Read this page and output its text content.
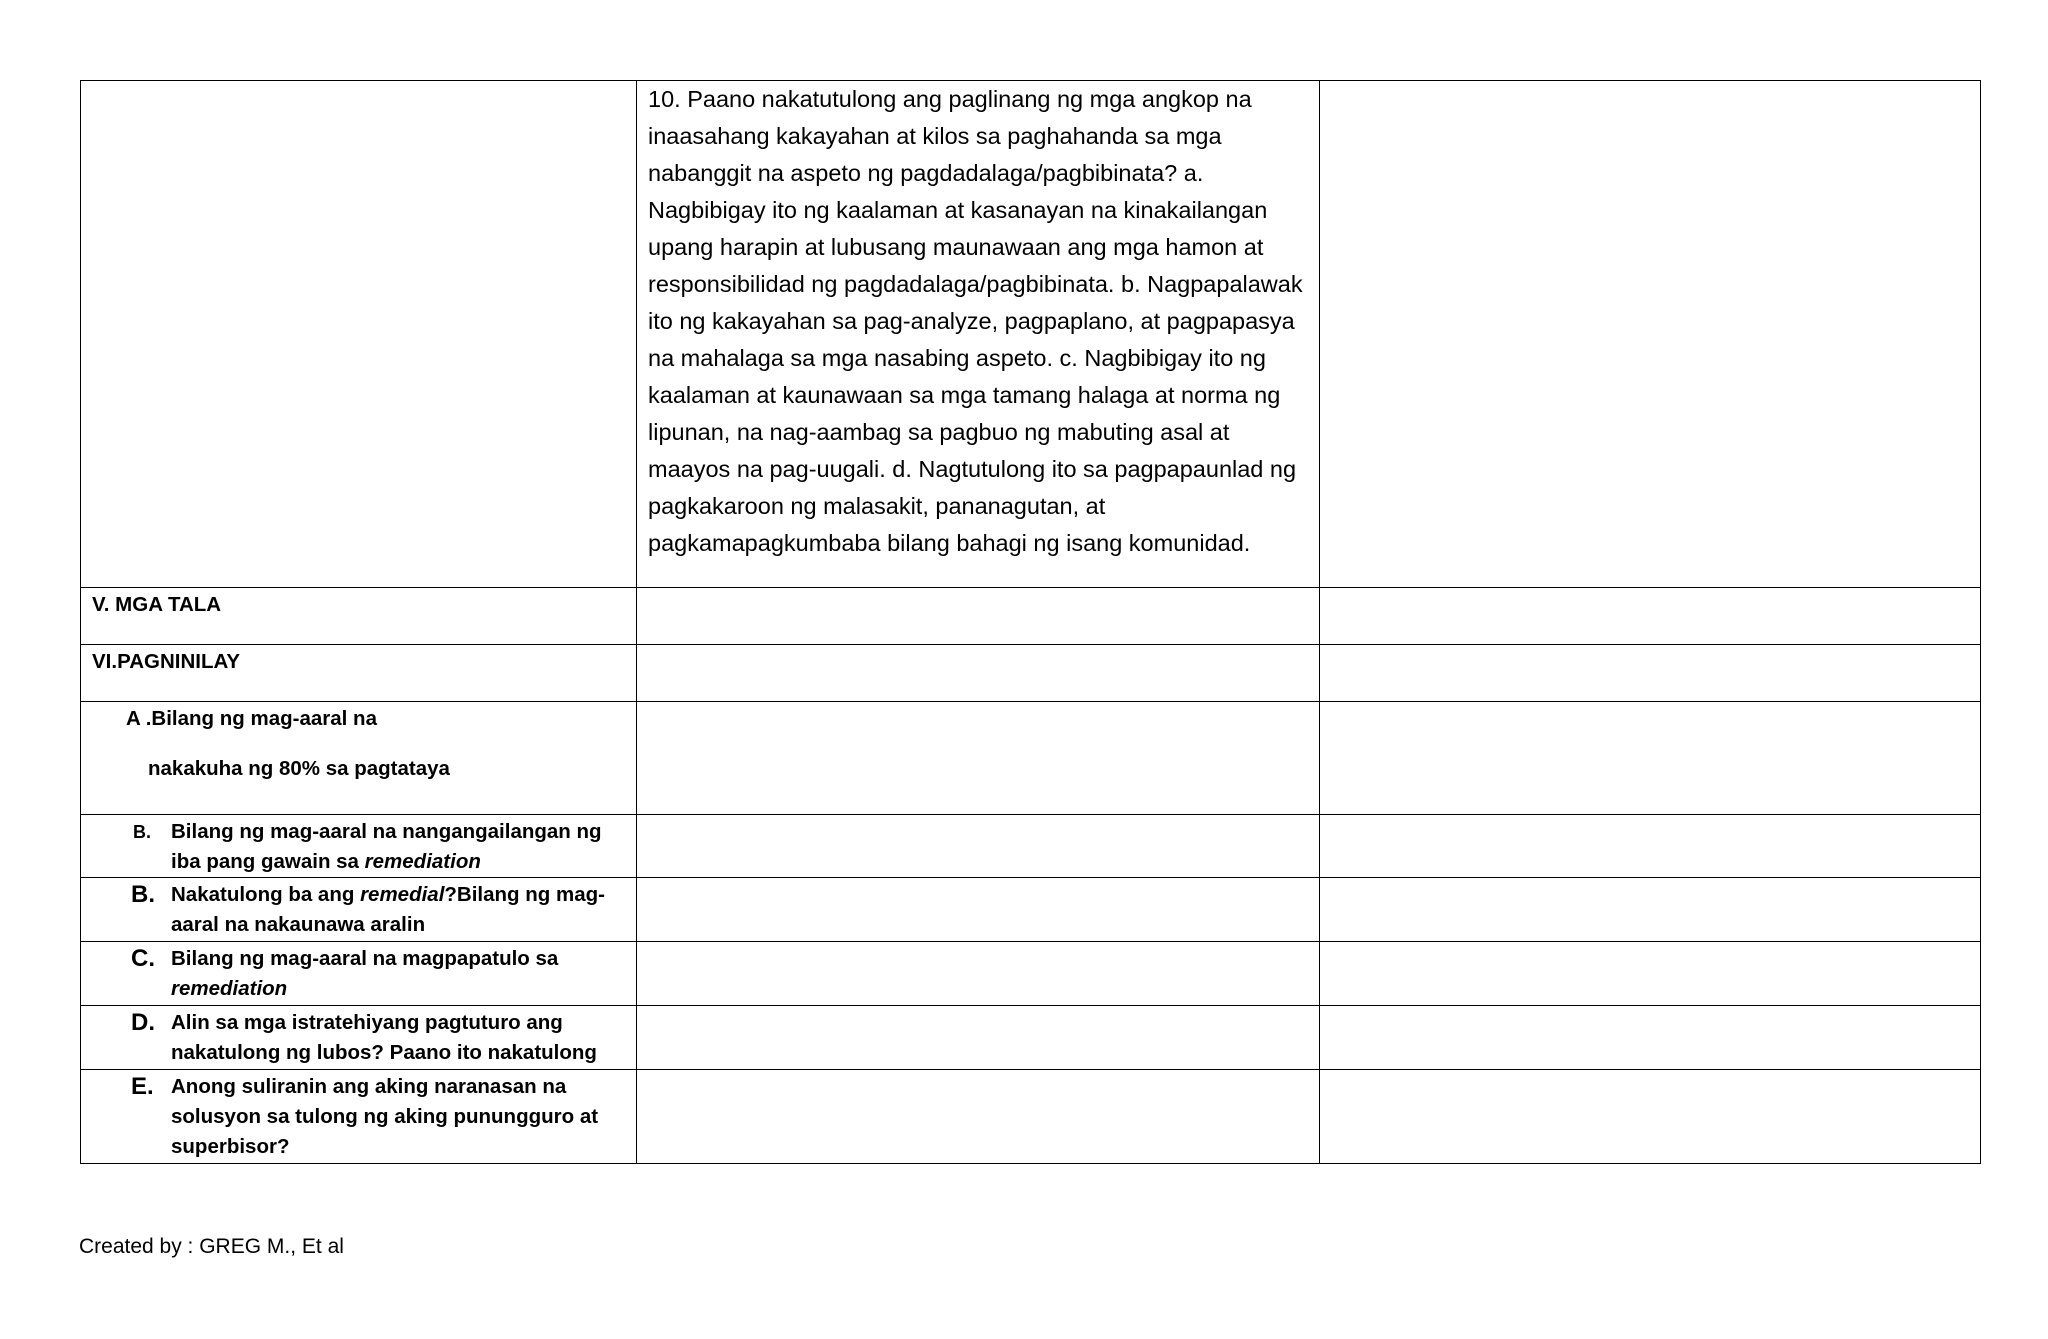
	10. Paano nakatutulong ang paglinang ng mga angkop na inaasahang kakayahan at kilos sa paghahanda sa mga nabanggit na aspeto ng pagdadalaga/pagbibinata? a. Nagbibigay ito ng kaalaman at kasanayan na kinakailangan upang harapin at lubusang maunawaan ang mga hamon at responsibilidad ng pagdadalaga/pagbibinata. b. Nagpapalawak ito ng kakayahan sa pag-analyze, pagpaplano, at pagpapasya na mahalaga sa mga nasabing aspeto. c. Nagbibigay ito ng kaalaman at kaunawaan sa mga tamang halaga at norma ng lipunan, na nag-aambag sa pagbuo ng mabuting asal at maayos na pag-uugali. d. Nagtutulong ito sa pagpapaunlad ng pagkakaroon ng malasakit, pananagutan, at pagkamapagkumbaba bilang bahagi ng isang komunidad.	

V. MGA TALA		

VI.PAGNINILAY		

A .Bilang ng mag-aaral na
nakakuha ng 80% sa pagtataya		

B. Bilang ng mag-aaral na nangangailangan ng iba pang gawain sa remediation		

B. Nakatulong ba ang remedial?Bilang ng mag-aaral na nakaunawa aralin		

C. Bilang ng mag-aaral na magpapatulo sa remediation		

D. Alin sa mga istratehiyang pagtuturo ang nakatulong ng lubos? Paano ito nakatulong		

E. Anong suliranin ang aking naranasan na solusyon sa tulong ng aking punungguro at superbisor?		

Created by : GREG M., Et al
